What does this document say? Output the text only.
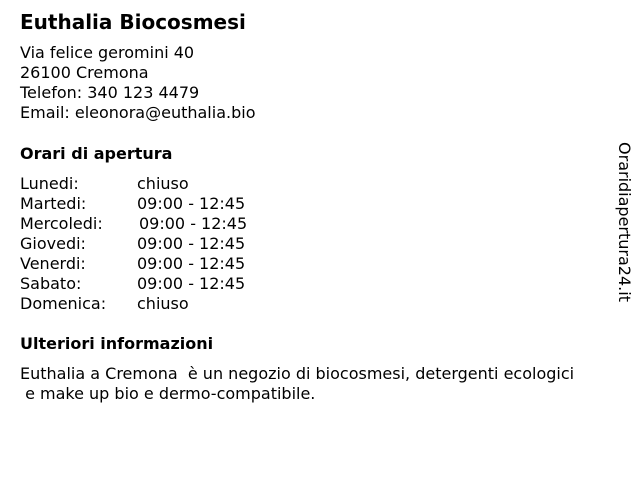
Euthalia Biocosmesi
Via felice geromini 40
26100 Cremona
Telefon: 340 123 4479
Email: eleonora@euthalia.bio
Orari di apertura
Lunedi:	chiuso
Martedi:	09:00 - 12:45
Mercoledi: 09:00 - 12:45
Giovedi:	09:00 - 12:45
Venerdi:	09:00 - 12:45
Sabato:	09:00 - 12:45
Domenica: chiuso
Ulteriori informazioni
Euthalia a Cremona  è un negozio di biocosmesi, detergenti ecologici
e make up bio e dermo-compatibile.
Oraridiapertura24.it
